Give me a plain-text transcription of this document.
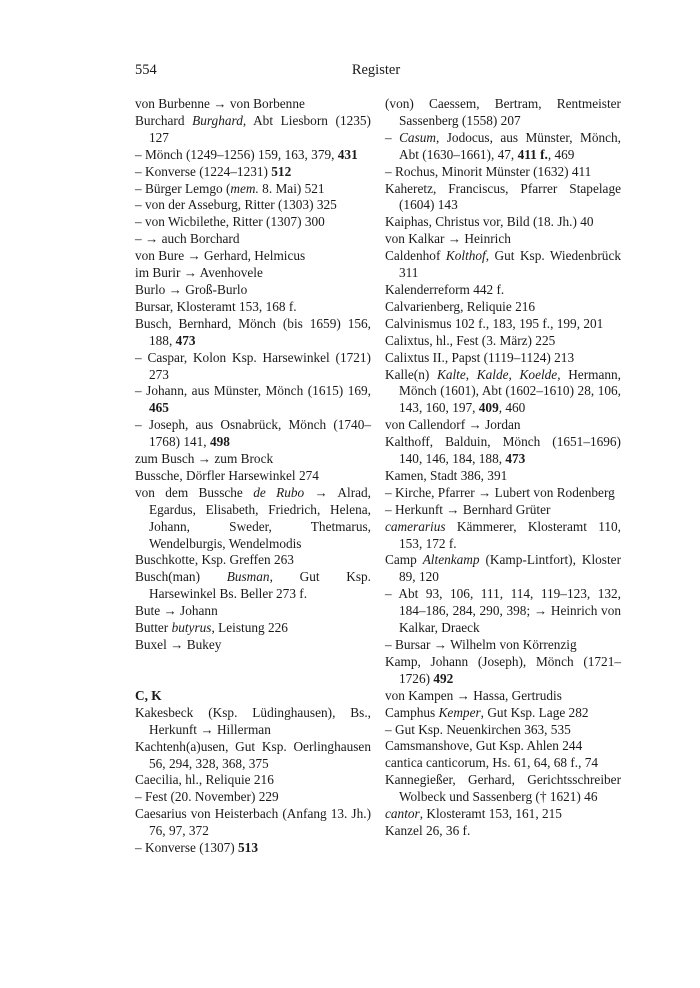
554	Register

von Burbenne → von Borbenne

Burchard Burghard, Abt Liesborn (1235) 127

– Mönch (1249–1256) 159, 163, 379, 431

– Konverse (1224–1231) 512

– Bürger Lemgo (mem. 8. Mai) 521

– von der Asseburg, Ritter (1303) 325

– von Wicbilethe, Ritter (1307) 300

– → auch Borchard

von Bure → Gerhard, Helmicus

im Burir → Avenhovele

Burlo → Groß-Burlo

Bursar, Klosteramt 153, 168 f.

Busch, Bernhard, Mönch (bis 1659) 156, 188, 473

– Caspar, Kolon Ksp. Harsewinkel (1721) 273

– Johann, aus Münster, Mönch (1615) 169, 465

– Joseph, aus Osnabrück, Mönch (1740–1768) 141, 498

zum Busch → zum Brock

Bussche, Dörfler Harsewinkel 274

von dem Bussche de Rubo → Alrad, Egardus, Elisabeth, Friedrich, Helena, Johann, Sweder, Thetmarus, Wendelburgis, Wendelmodis

Buschkotte, Ksp. Greffen 263

Busch(man) Busman, Gut Ksp. Harsewinkel Bs. Beller 273 f.

Bute → Johann

Butter butyrus, Leistung 226

Buxel → Bukey

C, K

Kakesbeck (Ksp. Lüdinghausen), Bs., Herkunft → Hillerman

Kachtenh(a)usen, Gut Ksp. Oerlinghausen 56, 294, 328, 368, 375

Caecilia, hl., Reliquie 216

– Fest (20. November) 229

Caesarius von Heisterbach (Anfang 13. Jh.) 76, 97, 372

– Konverse (1307) 513

(von) Caessem, Bertram, Rentmeister Sassenberg (1558) 207

– Casum, Jodocus, aus Münster, Mönch, Abt (1630–1661), 47, 411 f., 469

– Rochus, Minorit Münster (1632) 411

Kaheretz, Franciscus, Pfarrer Stapelage (1604) 143

Kaiphas, Christus vor, Bild (18. Jh.) 40

von Kalkar → Heinrich

Caldenhof Kolthof, Gut Ksp. Wiedenbrück 311

Kalenderreform 442 f.

Calvarienberg, Reliquie 216

Calvinismus 102 f., 183, 195 f., 199, 201

Calixtus, hl., Fest (3. März) 225

Calixtus II., Papst (1119–1124) 213

Kalle(n) Kalte, Kalde, Koelde, Hermann, Mönch (1601), Abt (1602–1610) 28, 106, 143, 160, 197, 409, 460

von Callendorf → Jordan

Kalthoff, Balduin, Mönch (1651–1696) 140, 146, 184, 188, 473

Kamen, Stadt 386, 391

– Kirche, Pfarrer → Lubert von Rodenberg

– Herkunft → Bernhard Grüter

camerarius Kämmerer, Klosteramt 110, 153, 172 f.

Camp Altenkamp (Kamp-Lintfort), Kloster 89, 120

– Abt 93, 106, 111, 114, 119–123, 132, 184–186, 284, 290, 398; → Heinrich von Kalkar, Draeck

– Bursar → Wilhelm von Körrenzig

Kamp, Johann (Joseph), Mönch (1721–1726) 492

von Kampen → Hassa, Gertrudis

Camphus Kemper, Gut Ksp. Lage 282

– Gut Ksp. Neuenkirchen 363, 535

Camsmanshove, Gut Ksp. Ahlen 244

cantica canticorum, Hs. 61, 64, 68 f., 74

Kannegießer, Gerhard, Gerichtsschreiber Wolbeck und Sassenberg († 1621) 46

cantor, Klosteramt 153, 161, 215

Kanzel 26, 36 f.
